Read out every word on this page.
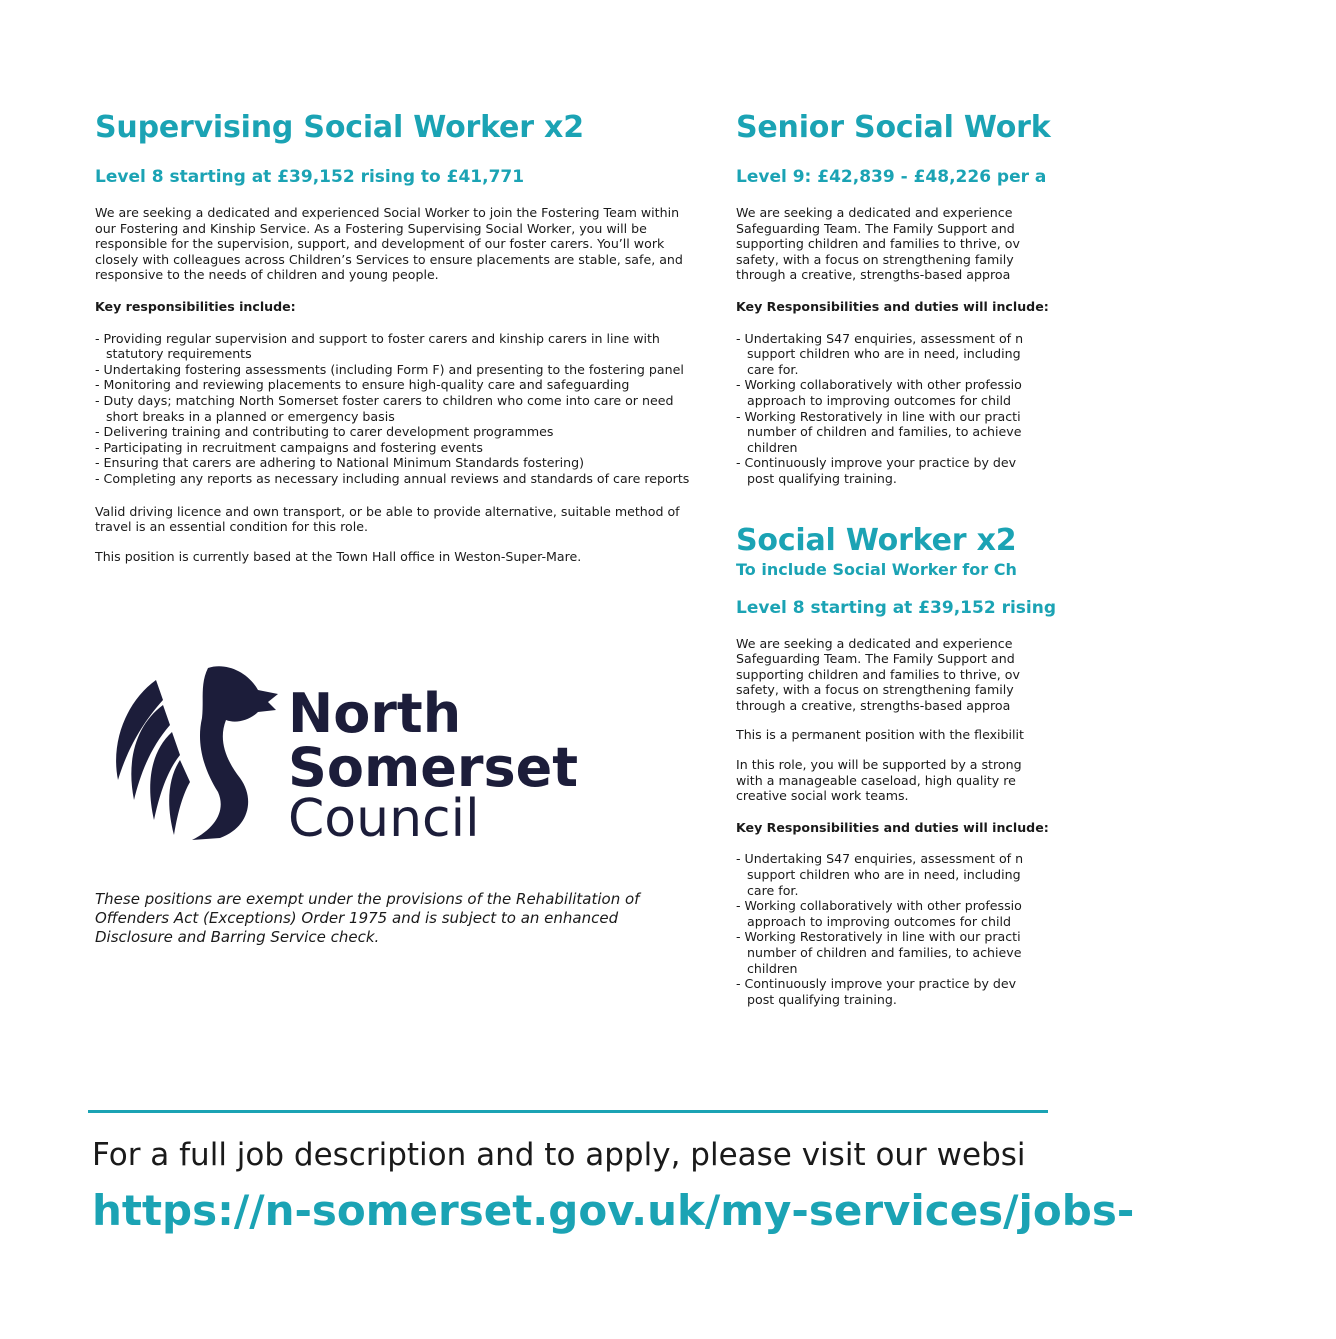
Supervising Social Worker x2
Level 8 starting at £39,152 rising to £41,771

We are seeking a dedicated and experienced Social Worker to join the Fostering Team within our Fostering and Kinship Service. As a Fostering Supervising Social Worker, you will be responsible for the supervision, support, and development of our foster carers. You’ll work closely with colleagues across Children’s Services to ensure placements are stable, safe, and responsive to the needs of children and young people.

Key responsibilities include:

- Providing regular supervision and support to foster carers and kinship carers in line with statutory requirements
- Undertaking fostering assessments (including Form F) and presenting to the fostering panel
- Monitoring and reviewing placements to ensure high-quality care and safeguarding
- Duty days; matching North Somerset foster carers to children who come into care or need short breaks in a planned or emergency basis
- Delivering training and contributing to carer development programmes
- Participating in recruitment campaigns and fostering events
- Ensuring that carers are adhering to National Minimum Standards fostering)
- Completing any reports as necessary including annual reviews and standards of care reports

Valid driving licence and own transport, or be able to provide alternative, suitable method of travel is an essential condition for this role.

This position is currently based at the Town Hall office in Weston-Super-Mare.

North
Somerset
Council

These positions are exempt under the provisions of the Rehabilitation of Offenders Act (Exceptions) Order 1975 and is subject to an enhanced Disclosure and Barring Service check.

Senior Social Work
Level 9: £42,839 - £48,226 per a

We are seeking a dedicated and experience Safeguarding Team. The Family Support and supporting children and families to thrive, ov safety, with a focus on strengthening family through a creative, strengths-based approa

Key Responsibilities and duties will include:

- Undertaking S47 enquiries, assessment of n support children who are in need, including care for.
- Working collaboratively with other professio approach to improving outcomes for child
- Working Restoratively in line with our practi number of children and families, to achieve children
- Continuously improve your practice by dev post qualifying training.
Social Worker x2

To include Social Worker for Ch

Level 8 starting at £39,152 rising

We are seeking a dedicated and experience Safeguarding Team. The Family Support and supporting children and families to thrive, ov safety, with a focus on strengthening family through a creative, strengths-based approa

This is a permanent position with the flexibilit

In this role, you will be supported by a strong with a manageable caseload, high quality re creative social work teams.

Key Responsibilities and duties will include:

- Undertaking S47 enquiries, assessment of n support children who are in need, including care for.
- Working collaboratively with other professio approach to improving outcomes for child
- Working Restoratively in line with our practi number of children and families, to achieve children
- Continuously improve your practice by dev post qualifying training.
For a full job description and to apply, please visit our websi
https://n-somerset.gov.uk/my-services/jobs-
